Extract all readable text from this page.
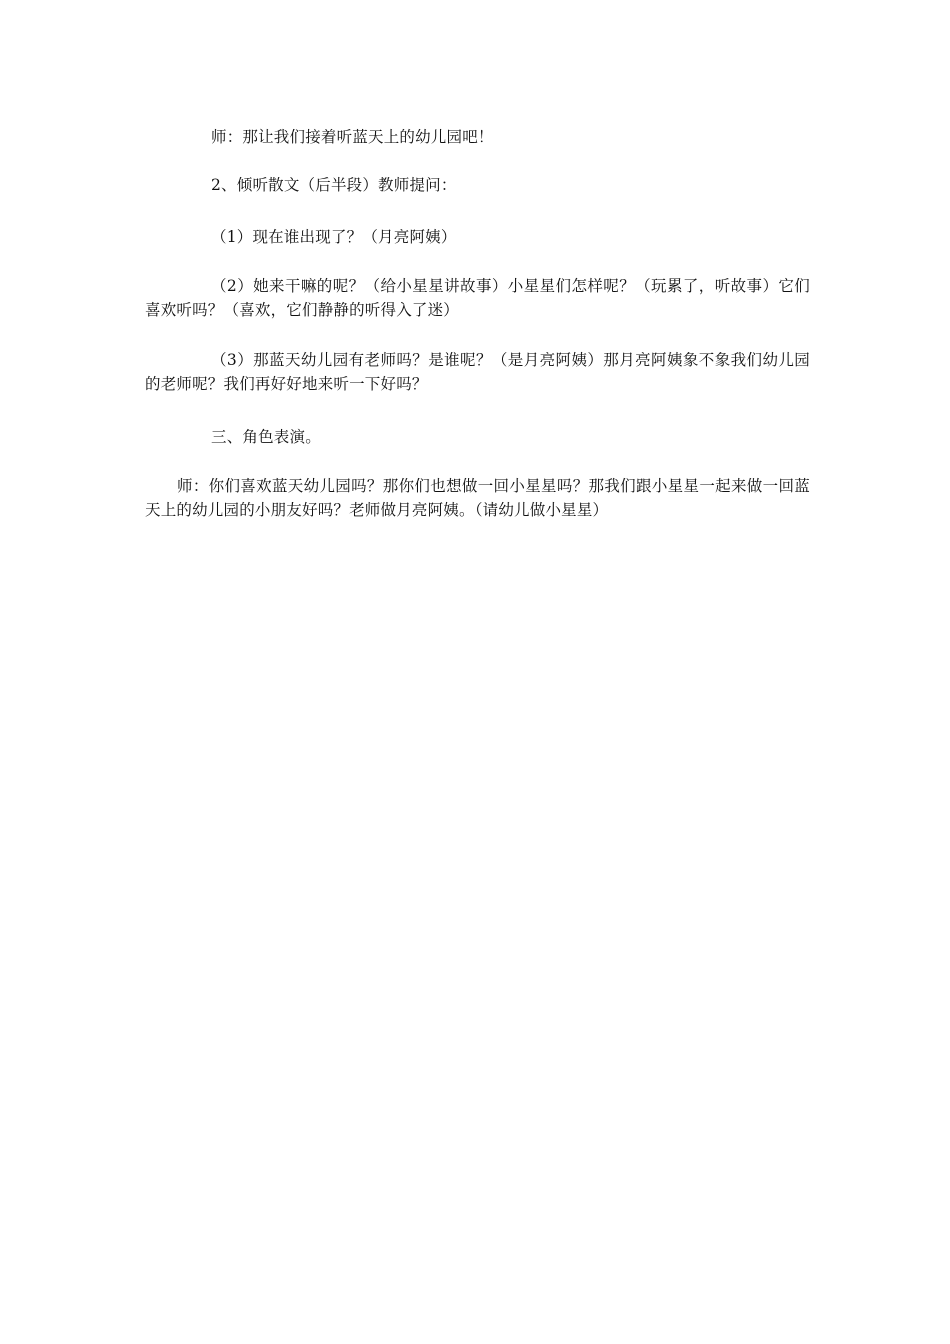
师：那让我们接着听蓝天上的幼儿园吧！

2、倾听散文（后半段）教师提问：

（1）现在谁出现了？（月亮阿姨）

（2）她来干嘛的呢？（给小星星讲故事）小星星们怎样呢？（玩累了，听故事）它们喜欢听吗？（喜欢，它们静静的听得入了迷）

（3）那蓝天幼儿园有老师吗？是谁呢？（是月亮阿姨）那月亮阿姨象不象我们幼儿园的老师呢？我们再好好地来听一下好吗？

三、角色表演。

师：你们喜欢蓝天幼儿园吗？那你们也想做一回小星星吗？那我们跟小星星一起来做一回蓝天上的幼儿园的小朋友好吗？老师做月亮阿姨。（请幼儿做小星星）
